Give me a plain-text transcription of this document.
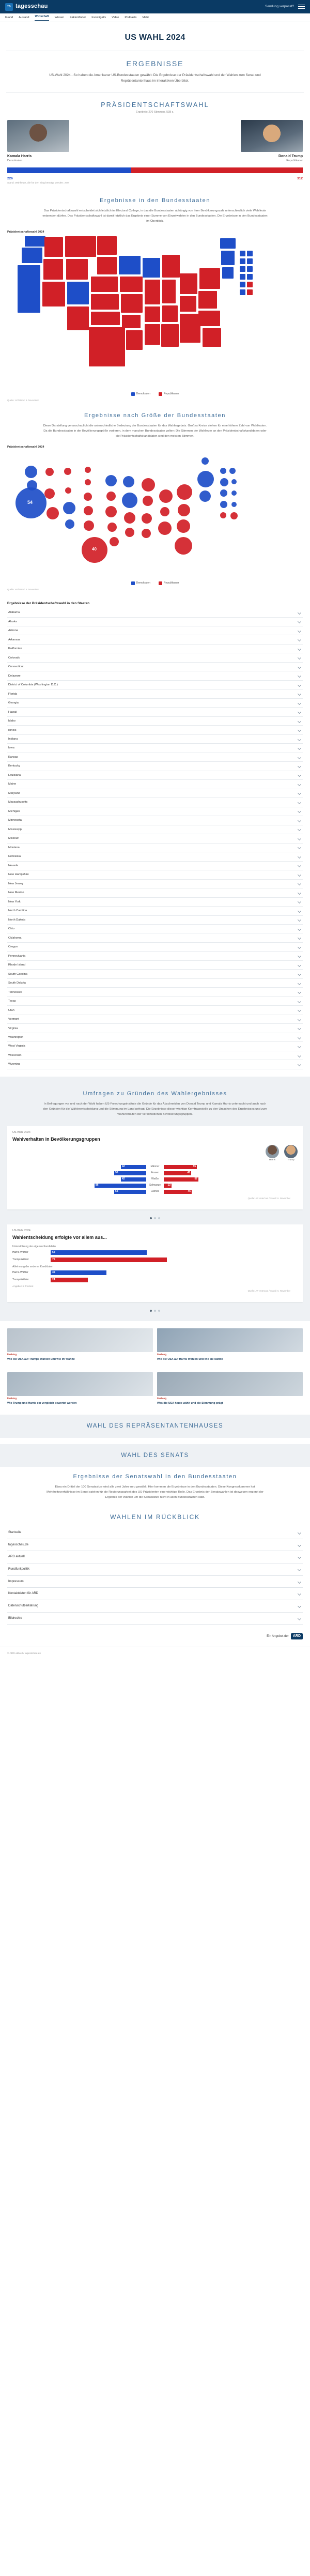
ts tagesschau	Sendung verpasst?
Inland Ausland Wirtschaft Wissen Faktenfinder Investigativ Video Podcasts Mehr
US WAHL 2024
ERGEBNISSE
US-Wahl 2024 - So haben die Amerikaner US-Bundesstaaten gewählt: Die Ergebnisse der Präsidentschaftswahl und der Wahlen zum Senat und Repräsentantenhaus im interaktiven Überblick.
PRÄSIDENTSCHAFTSWAHL
Ergebnis: 270 Stimmen, 538 s.
Kamala Harris
Demokraten
Donald Trump
Republikaner
226	312
Stand: Wahlleute, die für den Sieg benötigt werden: 270
Ergebnisse in den Bundesstaaten
Das Präsidentschaftswahl entscheidet sich letztlich im Electoral College, in das die Bundesstaaten abhängig von ihrer Bevölkerungszahl unterschiedlich viele Wahlleute entsenden dürfen. Das Präsidentschaftswahl ist damit letztlich das Ergebnis einer Summe von Einzelwahlen in den Bundesstaaten. Die Ergebnisse in den Bundesstaaten im Überblick.
Präsidentschaftswahl 2024
Demokraten	Republikaner
Quelle: AP/Stand: 6. November
Ergebnisse nach Größe der Bundesstaaten
Diese Darstellung veranschaulicht die unterschiedliche Bedeutung der Bundesstaaten für das Wahlergebnis. Großes Kreise stehen für eine höhere Zahl von Wahlleuten. Da die Bundesstaaten in der Bevölkerungsgröße variieren, in dem manchen Bundesstaaten gelten: Die Stimmen der Wahlleute an den Präsidentschaftskandidaten oder die Präsidentschaftskandidaten sind den meisten Stimmen.
Präsidentschaftswahl 2024
54
40
Demokraten	Republikaner
Quelle: AP/Stand: 6. November
Ergebnisse der Präsidentschaftswahl in den Staaten
Alabama
Alaska
Arizona
Arkansas
Kalifornien
Colorado
Connecticut
Delaware
District of Columbia (Washington D.C.)
Florida
Georgia
Hawaii
Idaho
Illinois
Indiana
Iowa
Kansas
Kentucky
Louisiana
Maine
Maryland
Massachusetts
Michigan
Minnesota
Mississippi
Missouri
Montana
Nebraska
Nevada
New Hampshire
New Jersey
New Mexico
New York
North Carolina
North Dakota
Ohio
Oklahoma
Oregon
Pennsylvania
Rhode Island
South Carolina
South Dakota
Tennessee
Texas
Utah
Vermont
Virginia
Washington
West Virginia
Wisconsin
Wyoming
Umfragen zu Gründen des Wahlergebnisses
In Befragungen vor und nach der Wahl haben US-Forschungsinstitute die Gründe für das Abschneiden von Donald Trump und Kamala Harris untersucht und auch nach den Gründen für die Wählerentscheidung und die Stimmung im Land gefragt. Die Ergebnisse dieser wichtige Kernfragestelle zu den Ursachen des Ergebnisses und zum Wahlverhalten der verschiedenen Bevölkerungsgruppen.
US-Wahl 2024
Wahlverhalten in Bevölkerungsgruppen
Harris	Trump
42	Männer	55
53	Frauen	45
42	Weiße	57
86	Schwarze	13
53	Latinos	46
Quelle: AP VoteCast / Stand: 6. November
US-Wahl 2024
Wahlentscheidung erfolgte vor allem aus...
Unterstützung der eigenen Kandidatin
Harris-Wähler	62
Trump-Wähler	75
Ablehnung der anderen Kandidaten
Harris-Wähler	36
Trump-Wähler	24
Angaben in Prozent
Quelle: AP VoteCast / Stand: 6. November
liveblog
Wie die USA auf Trumps Wahlen und wie ihr wählte
liveblog
Wie die USA auf Harris Wählen und wie sie wählte
liveblog
Wie Trump und Harris ein vergleich bewertet werden
liveblog
Was die USA heute wählt und die Stimmung prägt
WAHL DES REPRÄSENTANTENHAUSES
WAHL DES SENATS
Ergebnisse der Senatswahl in den Bundesstaaten
Etwa ein Drittel der 100 Senatssitze wird alle zwei Jahre neu gewählt. Hier kommen die Ergebnisse in den Bundesstaaten. Diese Kongresskammer hat Mehrheitsverhältnisse im Senat spielen für die Regierungsarbeit des US-Präsidenten eine wichtige Rolle. Das Ergebnis der Senatswahlen ist deswegen eng mit der Ergebnis der Wahlen um die Senatssitze nicht in allen Bundesstaaten statt.
WAHLEN IM RÜCKBLICK
Startseite
tagesschau.de
ARD aktuell
Rundfunkpolitik
Impressum
Kontaktdaten für ARD
Datenschutzerklärung
Bildrechte
Ein Angebot der	ARD
© ARD aktuell / tagesschau.de
